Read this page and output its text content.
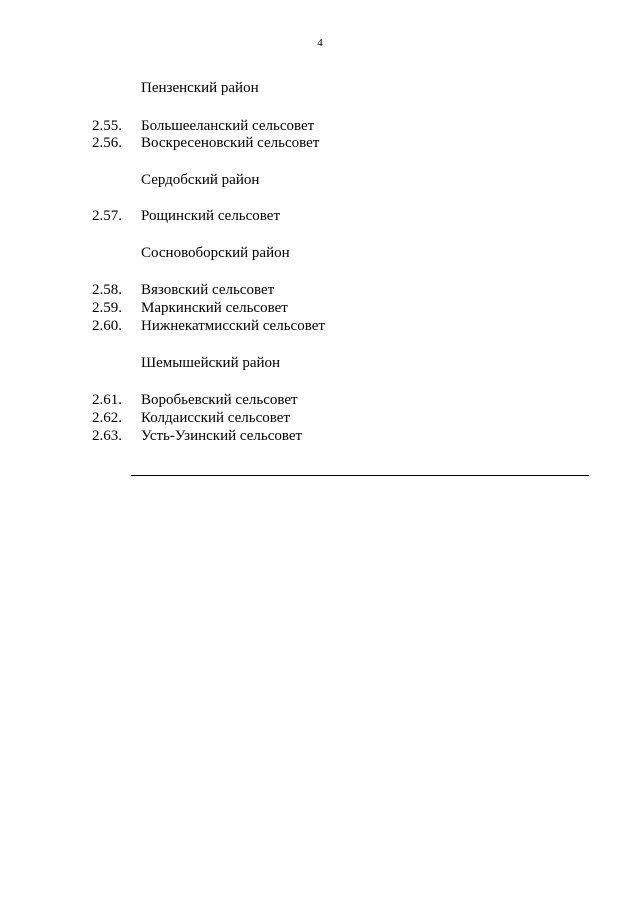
4
Пензенский район
2.55. Большееланский сельсовет
2.56. Воскресеновский сельсовет
Сердобский район
2.57. Рощинский сельсовет
Сосновоборский район
2.58. Вязовский сельсовет
2.59. Маркинский сельсовет
2.60. Нижнекатмисский сельсовет
Шемышейский район
2.61. Воробьевский сельсовет
2.62. Колдаисский сельсовет
2.63. Усть-Узинский сельсовет
